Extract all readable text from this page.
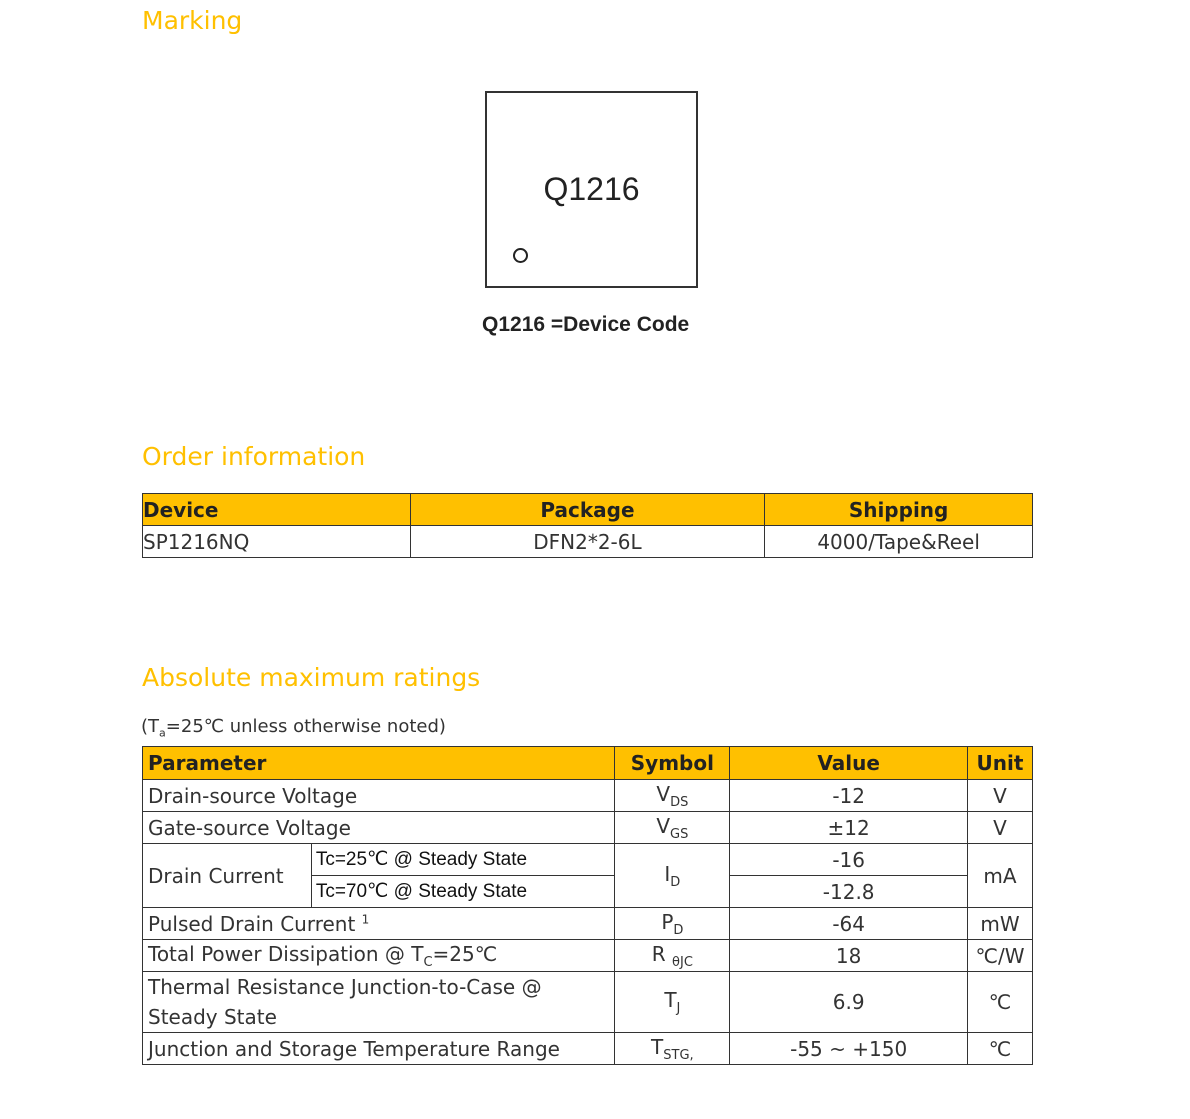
Marking
Q1216
Q1216 =Device Code
Order information
Device	Package	Shipping
SP1216NQ	DFN2*2-6L	4000/Tape&Reel
Absolute maximum ratings
($T_a=25℃$ unless otherwise noted)
Parameter		Symbol	Value	Unit
Drain-source Voltage		$V_{DS}$	-12	V
Gate-source Voltage		$V_{GS}$	±12	V
Drain Current	Tc=25℃ @ Steady State	$I_D$	-16	mA
	Tc=70℃ @ Steady State		-12.8	
Pulsed Drain Current $^1$		$P_D$	-64	mW
Total Power Dissipation @ $T_C=25℃$		R $_{\theta JC}$	18	℃/W
Thermal Resistance Junction-to-Case @ Steady State		$T_J$	6.9	℃
Junction and Storage Temperature Range		$T_{STG,}$	-55 ~ +150	℃
